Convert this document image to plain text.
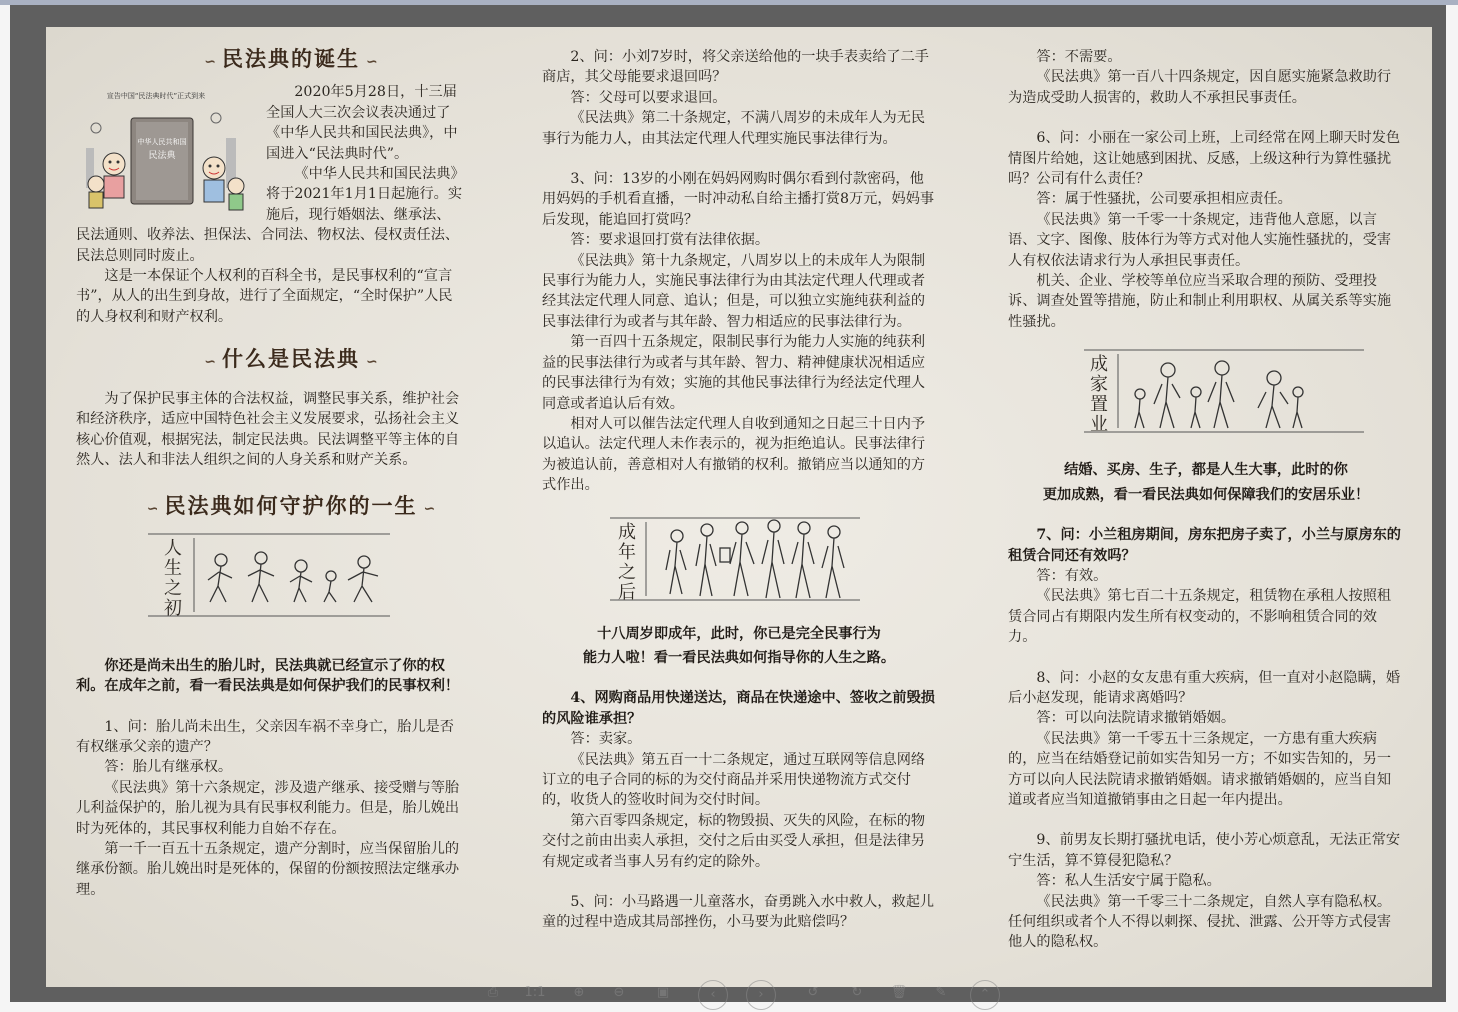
∽ 民法典的诞生 ∽

宣告中国“民法典时代”正式到来
中华人民共和国
民法典

2020年5月28日，十三届全国人大三次会议表决通过了《中华人民共和国民法典》，中国进入“民法典时代”。

《中华人民共和国民法典》将于2021年1月1日起施行。实施后，现行婚姻法、继承法、民法通则、收养法、担保法、合同法、物权法、侵权责任法、民法总则同时废止。

这是一本保证个人权利的百科全书，是民事权利的“宣言书”，从人的出生到身故，进行了全面规定，“全时保护”人民的人身权利和财产权利。

∽ 什么是民法典 ∽

为了保护民事主体的合法权益，调整民事关系，维护社会和经济秩序，适应中国特色社会主义发展要求，弘扬社会主义核心价值观，根据宪法，制定民法典。民法调整平等主体的自然人、法人和非法人组织之间的人身关系和财产关系。

∽ 民法典如何守护你的一生 ∽

人生之初

你还是尚未出生的胎儿时，民法典就已经宣示了你的权利。在成年之前，看一看民法典是如何保护我们的民事权利！

1、问：胎儿尚未出生，父亲因车祸不幸身亡，胎儿是否有权继承父亲的遗产？

答：胎儿有继承权。

《民法典》第十六条规定，涉及遗产继承、接受赠与等胎儿利益保护的，胎儿视为具有民事权利能力。但是，胎儿娩出时为死体的，其民事权利能力自始不存在。

第一千一百五十五条规定，遗产分割时，应当保留胎儿的继承份额。胎儿娩出时是死体的，保留的份额按照法定继承办理。

2、问：小刘7岁时，将父亲送给他的一块手表卖给了二手商店，其父母能要求退回吗？

答：父母可以要求退回。

《民法典》第二十条规定，不满八周岁的未成年人为无民事行为能力人，由其法定代理人代理实施民事法律行为。

3、问：13岁的小刚在妈妈网购时偶尔看到付款密码，他用妈妈的手机看直播，一时冲动私自给主播打赏8万元，妈妈事后发现，能追回打赏吗？

答：要求退回打赏有法律依据。

《民法典》第十九条规定，八周岁以上的未成年人为限制民事行为能力人，实施民事法律行为由其法定代理人代理或者经其法定代理人同意、追认；但是，可以独立实施纯获利益的民事法律行为或者与其年龄、智力相适应的民事法律行为。

第一百四十五条规定，限制民事行为能力人实施的纯获利益的民事法律行为或者与其年龄、智力、精神健康状况相适应的民事法律行为有效；实施的其他民事法律行为经法定代理人同意或者追认后有效。

相对人可以催告法定代理人自收到通知之日起三十日内予以追认。法定代理人未作表示的，视为拒绝追认。民事法律行为被追认前，善意相对人有撤销的权利。撤销应当以通知的方式作出。

成年之后

十八周岁即成年，此时，你已是完全民事行为

能力人啦！看一看民法典如何指导你的人生之路。

4、网购商品用快递送达，商品在快递途中、签收之前毁损的风险谁承担？

答：卖家。

《民法典》第五百一十二条规定，通过互联网等信息网络订立的电子合同的标的为交付商品并采用快递物流方式交付的，收货人的签收时间为交付时间。

第六百零四条规定，标的物毁损、灭失的风险，在标的物交付之前由出卖人承担，交付之后由买受人承担，但是法律另有规定或者当事人另有约定的除外。

5、问：小马路遇一儿童落水，奋勇跳入水中救人，救起儿童的过程中造成其局部挫伤，小马要为此赔偿吗？

答：不需要。

《民法典》第一百八十四条规定，因自愿实施紧急救助行为造成受助人损害的，救助人不承担民事责任。

6、问：小丽在一家公司上班，上司经常在网上聊天时发色情图片给她，这让她感到困扰、反感，上级这种行为算性骚扰吗？公司有什么责任？

答：属于性骚扰，公司要承担相应责任。

《民法典》第一千零一十条规定，违背他人意愿，以言语、文字、图像、肢体行为等方式对他人实施性骚扰的，受害人有权依法请求行为人承担民事责任。

机关、企业、学校等单位应当采取合理的预防、受理投诉、调查处置等措施，防止和制止利用职权、从属关系等实施性骚扰。

成家置业

结婚、买房、生子，都是人生大事，此时的你

更加成熟，看一看民法典如何保障我们的安居乐业！

7、问：小兰租房期间，房东把房子卖了，小兰与原房东的租赁合同还有效吗？

答：有效。

《民法典》第七百二十五条规定，租赁物在承租人按照租赁合同占有期限内发生所有权变动的，不影响租赁合同的效力。

8、问：小赵的女友患有重大疾病，但一直对小赵隐瞒，婚后小赵发现，能请求离婚吗？

答：可以向法院请求撤销婚姻。

《民法典》第一千零五十三条规定，一方患有重大疾病的，应当在结婚登记前如实告知另一方；不如实告知的，另一方可以向人民法院请求撤销婚姻。请求撤销婚姻的，应当自知道或者应当知道撤销事由之日起一年内提出。

9、前男友长期打骚扰电话，使小芳心烦意乱，无法正常安宁生活，算不算侵犯隐私？

答：私人生活安宁属于隐私。

《民法典》第一千零三十二条规定，自然人享有隐私权。任何组织或者个人不得以刺探、侵扰、泄露、公开等方式侵害他人的隐私权。

⎙	1:1	⊕	⊖	▣	‹	›	↺	↻	🗑	✎	⌃
